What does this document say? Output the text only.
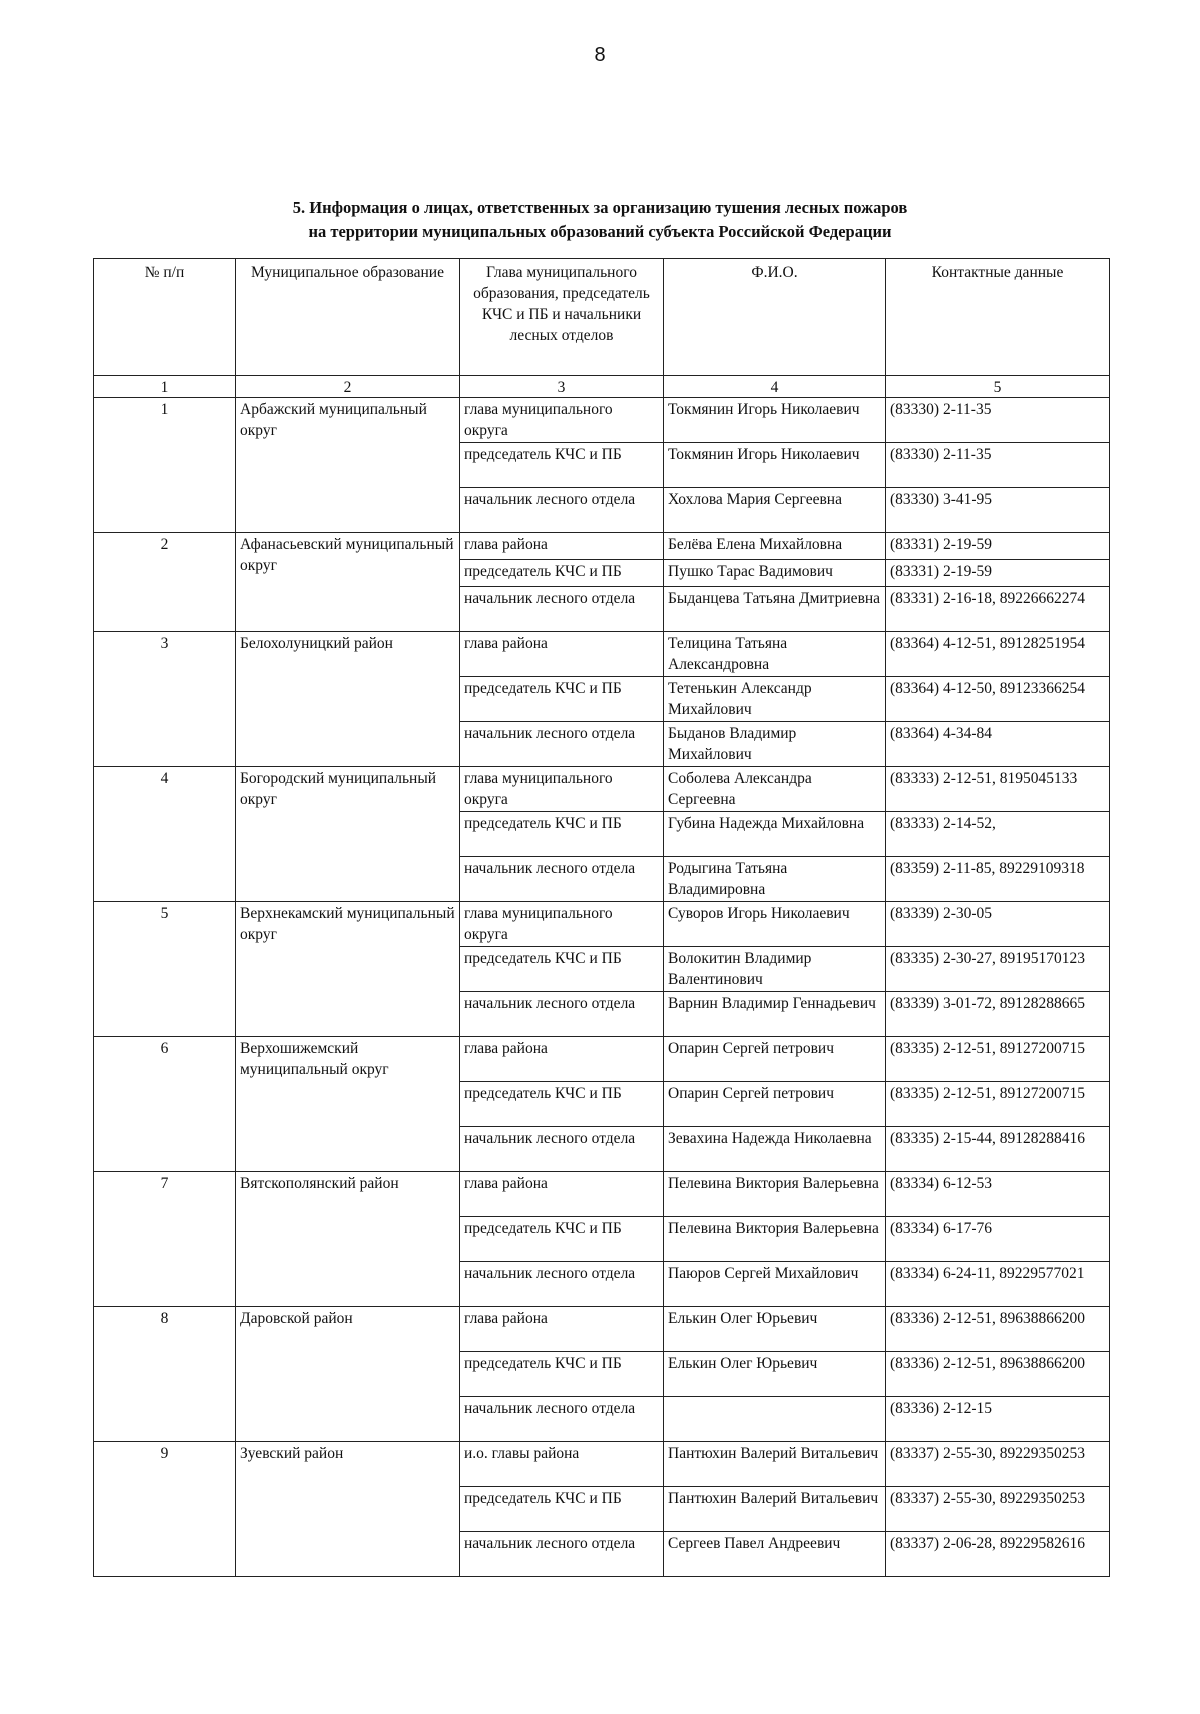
8
5. Информация о лицах, ответственных за организацию тушения лесных пожаров
на территории муниципальных образований субъекта Российской Федерации
№ п/п	Муниципальное образование	Глава муниципального образования, председатель КЧС и ПБ и начальники лесных отделов	Ф.И.О.	Контактные данные
1	2	3	4	5
1	Арбажский муниципальный округ	глава муниципального округа	Токмянин Игорь Николаевич	(83330) 2-11-35
		председатель КЧС и ПБ	Токмянин Игорь Николаевич	(83330) 2-11-35
		начальник лесного отдела	Хохлова Мария Сергеевна	(83330) 3-41-95
2	Афанасьевский муниципальный округ	глава района	Белёва Елена Михайловна	(83331) 2-19-59
		председатель КЧС и ПБ	Пушко Тарас Вадимович	(83331) 2-19-59
		начальник лесного отдела	Быданцева Татьяна Дмитриевна	(83331) 2-16-18, 89226662274
3	Белохолуницкий район	глава района	Телицина Татьяна Александровна	(83364) 4-12-51, 89128251954
		председатель КЧС и ПБ	Тетенькин Александр Михайлович	(83364) 4-12-50, 89123366254
		начальник лесного отдела	Быданов Владимир Михайлович	(83364) 4-34-84
4	Богородский муниципальный округ	глава муниципального округа	Соболева Александра Сергеевна	(83333) 2-12-51, 8195045133
		председатель КЧС и ПБ	Губина Надежда Михайловна	(83333) 2-14-52,
		начальник лесного отдела	Родыгина Татьяна Владимировна	(83359) 2-11-85, 89229109318
5	Верхнекамский муниципальный округ	глава муниципального округа	Суворов Игорь Николаевич	(83339) 2-30-05
		председатель КЧС и ПБ	Волокитин Владимир Валентинович	(83335) 2-30-27, 89195170123
		начальник лесного отдела	Варнин Владимир Геннадьевич	(83339) 3-01-72, 89128288665
6	Верхошижемский муниципальный округ	глава района	Опарин Сергей петрович	(83335) 2-12-51, 89127200715
		председатель КЧС и ПБ	Опарин Сергей петрович	(83335) 2-12-51, 89127200715
		начальник лесного отдела	Зевахина Надежда Николаевна	(83335) 2-15-44, 89128288416
7	Вятскополянский район	глава района	Пелевина Виктория Валерьевна	(83334) 6-12-53
		председатель КЧС и ПБ	Пелевина Виктория Валерьевна	(83334) 6-17-76
		начальник лесного отдела	Паюров Сергей Михайлович	(83334) 6-24-11, 89229577021
8	Даровской район	глава района	Елькин Олег Юрьевич	(83336) 2-12-51, 89638866200
		председатель КЧС и ПБ	Елькин Олег Юрьевич	(83336) 2-12-51, 89638866200
		начальник лесного отдела		(83336) 2-12-15
9	Зуевский район	и.о. главы района	Пантюхин Валерий Витальевич	(83337) 2-55-30, 89229350253
		председатель КЧС и ПБ	Пантюхин Валерий Витальевич	(83337) 2-55-30, 89229350253
		начальник лесного отдела	Сергеев Павел Андреевич	(83337) 2-06-28, 89229582616
